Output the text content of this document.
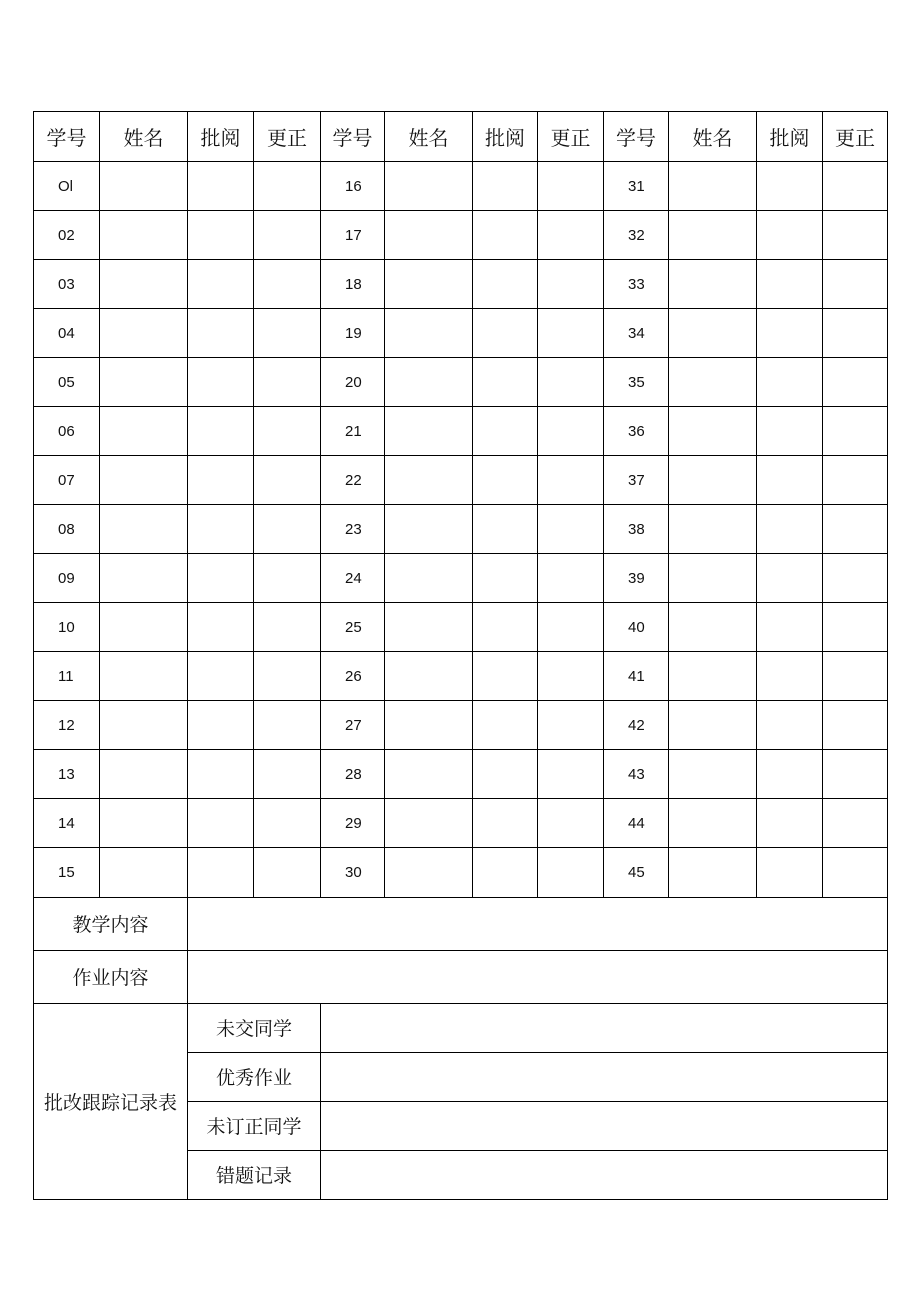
学号	姓名	批阅	更正	学号	姓名	批阅	更正	学号	姓名	批阅	更正
Ol				16				31			
02				17				32			
03				18				33			
04				19				34			
05				20				35			
06				21				36			
07				22				37			
08				23				38			
09				24				39			
10				25				40			
11				26				41			
12				27				42			
13				28				43			
14				29				44			
15				30				45			
教学内容											
作业内容											
批改跟踪记录表		未交同学									
		优秀作业									
		未订正同学									
		错题记录									
